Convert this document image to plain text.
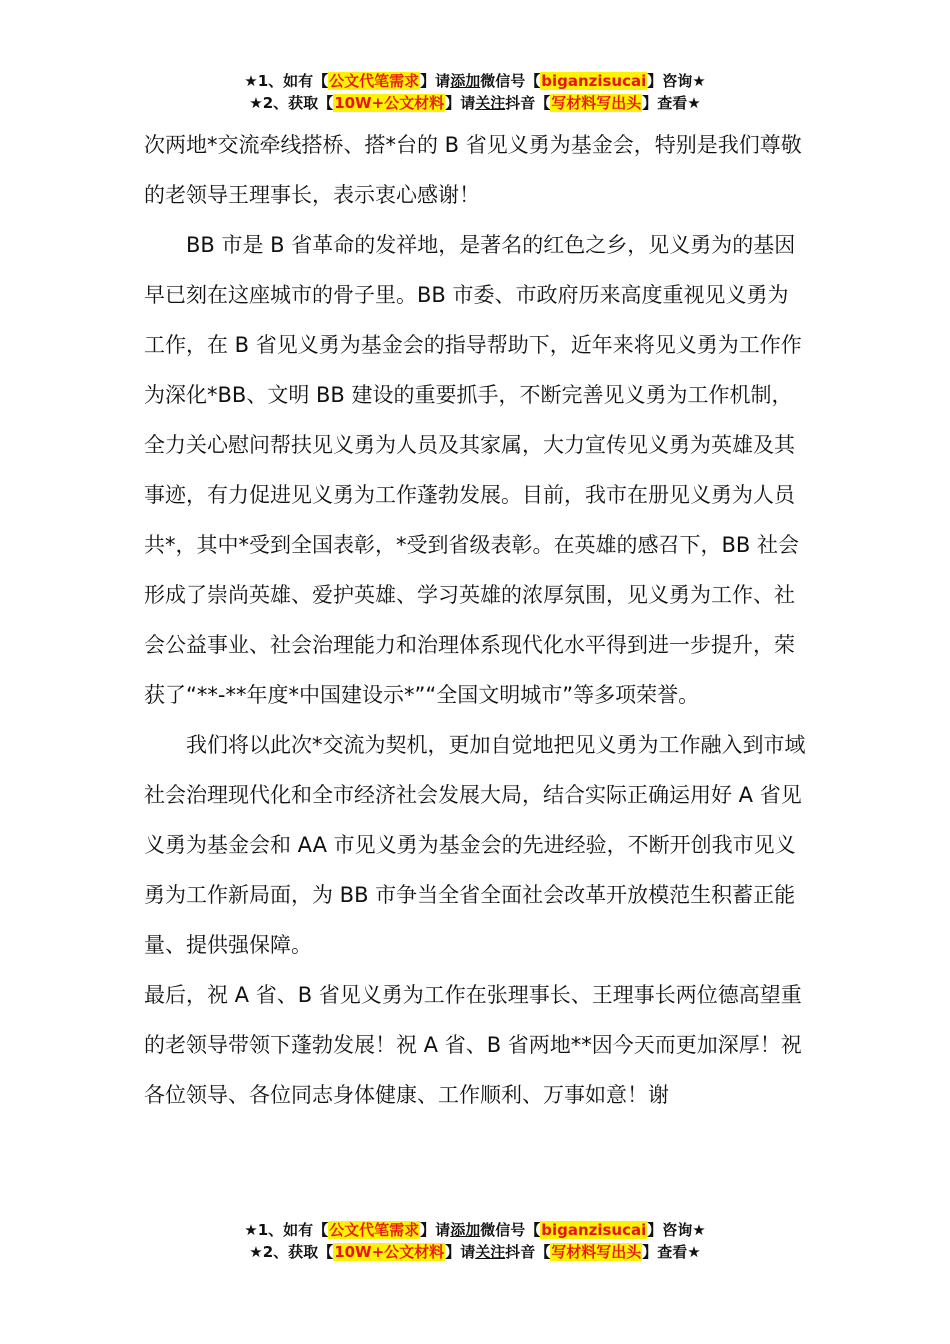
★1、如有【公文代笔需求】请添加微信号【biganzisucai】咨询★
★2、获取【10W+公文材料】请关注抖音【写材料写出头】查看★

次两地*交流牵线搭桥、搭*台的 B 省见义勇为基金会，特别是我们尊敬的老领导王理事长，表示衷心感谢！

BB 市是 B 省革命的发祥地，是著名的红色之乡，见义勇为的基因早已刻在这座城市的骨子里。BB 市委、市政府历来高度重视见义勇为工作，在 B 省见义勇为基金会的指导帮助下，近年来将见义勇为工作作为深化*BB、文明 BB 建设的重要抓手，不断完善见义勇为工作机制，全力关心慰问帮扶见义勇为人员及其家属，大力宣传见义勇为英雄及其事迹，有力促进见义勇为工作蓬勃发展。目前，我市在册见义勇为人员共*，其中*受到全国表彰，*受到省级表彰。在英雄的感召下，BB 社会形成了崇尚英雄、爱护英雄、学习英雄的浓厚氛围，见义勇为工作、社会公益事业、社会治理能力和治理体系现代化水平得到进一步提升，荣获了“**-**年度*中国建设示*”“全国文明城市”等多项荣誉。

我们将以此次*交流为契机，更加自觉地把见义勇为工作融入到市域社会治理现代化和全市经济社会发展大局，结合实际正确运用好 A 省见义勇为基金会和 AA 市见义勇为基金会的先进经验，不断开创我市见义勇为工作新局面，为 BB 市争当全省全面社会改革开放模范生积蓄正能量、提供强保障。

最后，祝 A 省、B 省见义勇为工作在张理事长、王理事长两位德高望重的老领导带领下蓬勃发展！祝 A 省、B 省两地**因今天而更加深厚！祝各位领导、各位同志身体健康、工作顺利、万事如意！谢

★1、如有【公文代笔需求】请添加微信号【biganzisucai】咨询★
★2、获取【10W+公文材料】请关注抖音【写材料写出头】查看★
